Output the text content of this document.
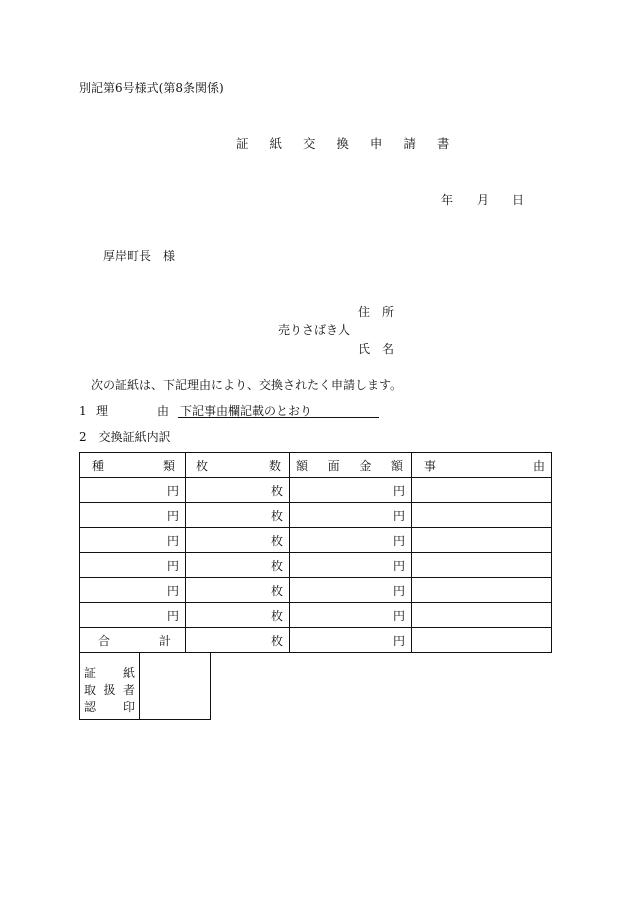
別記第6号様式(第8条関係)
証 紙 交 換 申 請 書
年 月 日
厚岸町長　様
住　所
売りさばき人
氏　名
次の証紙は、下記理由により、交換されたく申請します。
1 理	由 下記事由欄記載のとおり
2　交換証紙内訳
種 類	枚 数	額 面 金 額	事 由

円	枚	円	
円	枚	円	
円	枚	円	
円	枚	円	
円	枚	円	
円	枚	円	

合 計	枚	円	
証 紙
取 扱 者
認 印
